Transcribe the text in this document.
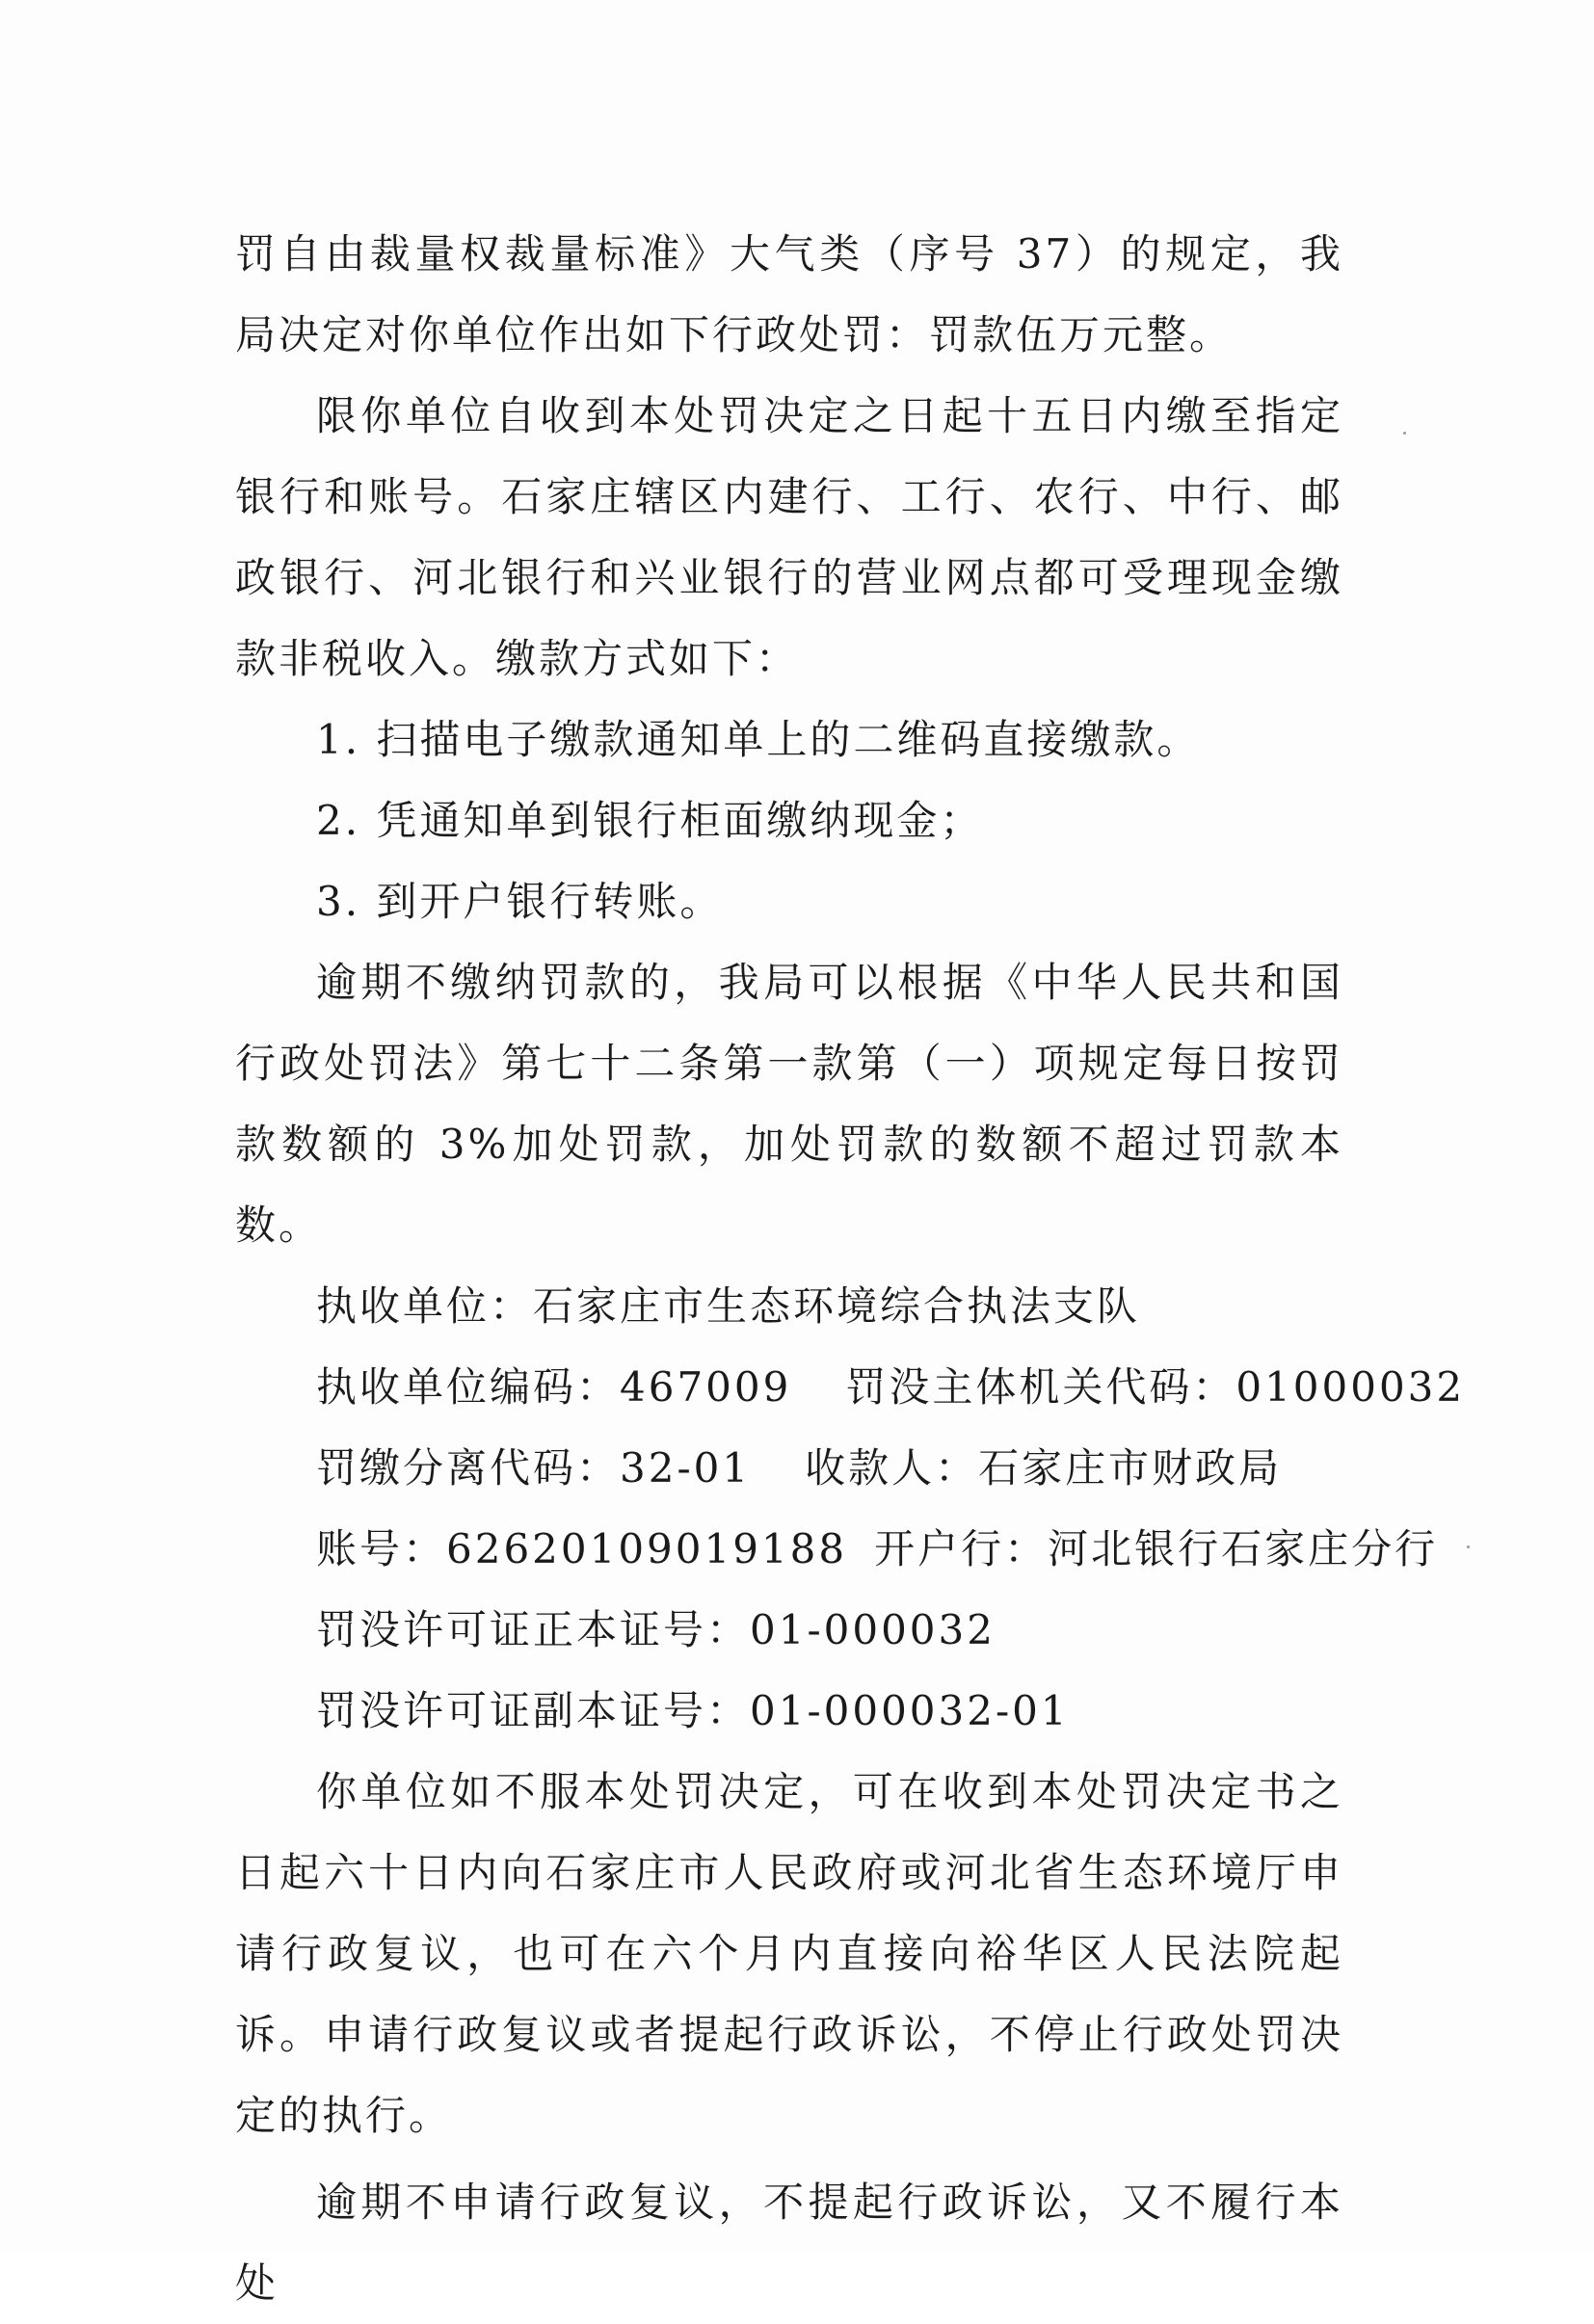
罚自由裁量权裁量标准》大气类（序号 37）的规定，我局决定对你单位作出如下行政处罚：罚款伍万元整。

限你单位自收到本处罚决定之日起十五日内缴至指定银行和账号。石家庄辖区内建行、工行、农行、中行、邮政银行、河北银行和兴业银行的营业网点都可受理现金缴款非税收入。缴款方式如下：

1. 扫描电子缴款通知单上的二维码直接缴款。

2. 凭通知单到银行柜面缴纳现金；

3. 到开户银行转账。

逾期不缴纳罚款的，我局可以根据《中华人民共和国行政处罚法》第七十二条第一款第（一）项规定每日按罚款数额的 3%加处罚款，加处罚款的数额不超过罚款本数。

执收单位：石家庄市生态环境综合执法支队

执收单位编码：467009 罚没主体机关代码：01000032

罚缴分离代码：32-01 收款人：石家庄市财政局

账号：62620109019188 开户行：河北银行石家庄分行

罚没许可证正本证号：01-000032

罚没许可证副本证号：01-000032-01

你单位如不服本处罚决定，可在收到本处罚决定书之日起六十日内向石家庄市人民政府或河北省生态环境厅申请行政复议，也可在六个月内直接向裕华区人民法院起诉。申请行政复议或者提起行政诉讼，不停止行政处罚决定的执行。

逾期不申请行政复议，不提起行政诉讼，又不履行本处
